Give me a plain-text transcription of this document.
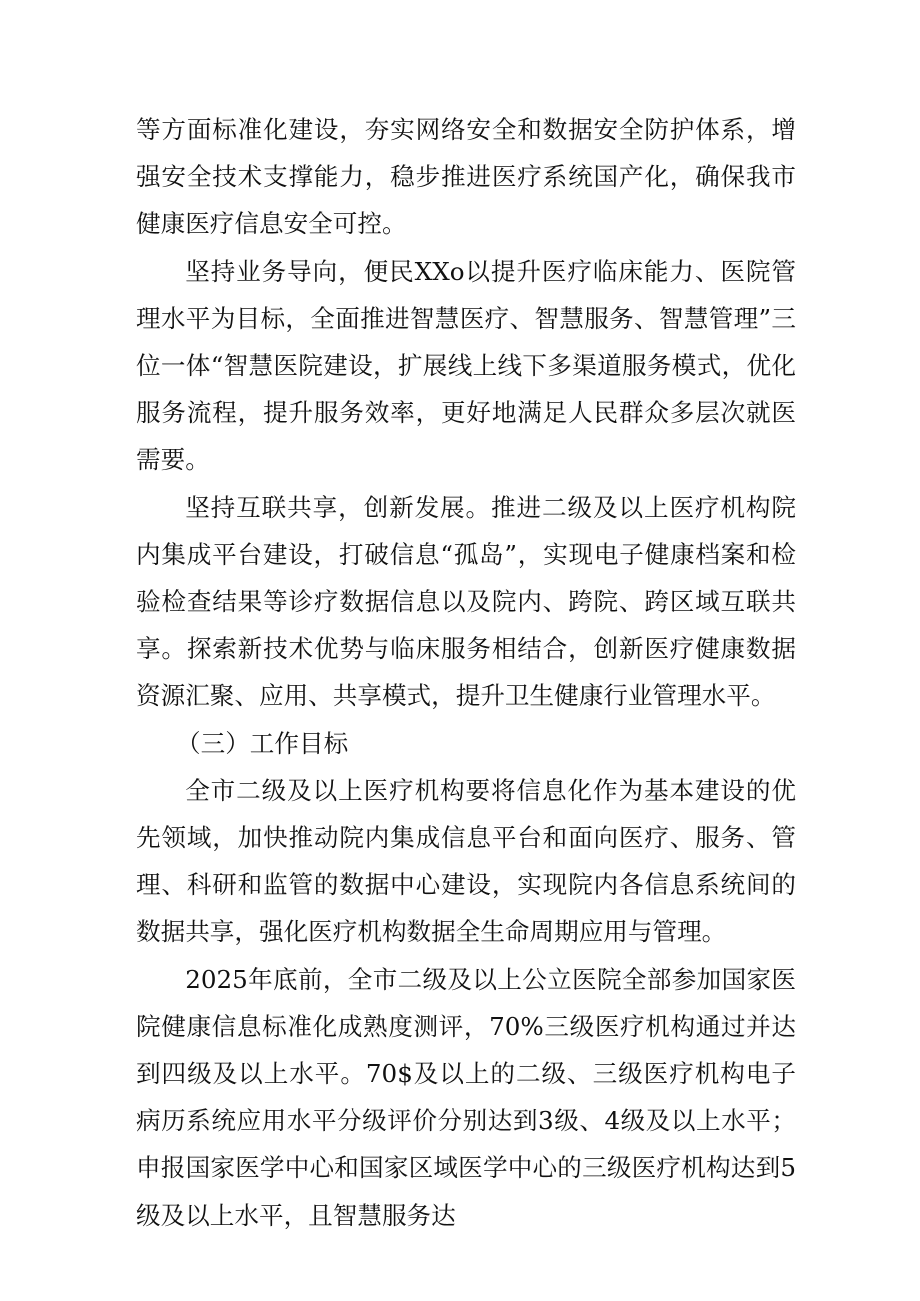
等方面标准化建设，夯实网络安全和数据安全防护体系，增强安全技术支撑能力，稳步推进医疗系统国产化，确保我市健康医疗信息安全可控。

坚持业务导向，便民XXo以提升医疗临床能力、医院管理水平为目标，全面推进智慧医疗、智慧服务、智慧管理”三位一体“智慧医院建设，扩展线上线下多渠道服务模式，优化服务流程，提升服务效率，更好地满足人民群众多层次就医需要。

坚持互联共享，创新发展。推进二级及以上医疗机构院内集成平台建设，打破信息“孤岛”，实现电子健康档案和检验检查结果等诊疗数据信息以及院内、跨院、跨区域互联共享。探索新技术优势与临床服务相结合，创新医疗健康数据资源汇聚、应用、共享模式，提升卫生健康行业管理水平。

（三）工作目标

全市二级及以上医疗机构要将信息化作为基本建设的优先领域，加快推动院内集成信息平台和面向医疗、服务、管理、科研和监管的数据中心建设，实现院内各信息系统间的数据共享，强化医疗机构数据全生命周期应用与管理。

2025年底前，全市二级及以上公立医院全部参加国家医院健康信息标准化成熟度测评，70%三级医疗机构通过并达到四级及以上水平。70$及以上的二级、三级医疗机构电子病历系统应用水平分级评价分别达到3级、4级及以上水平；申报国家医学中心和国家区域医学中心的三级医疗机构达到5级及以上水平，且智慧服务达
